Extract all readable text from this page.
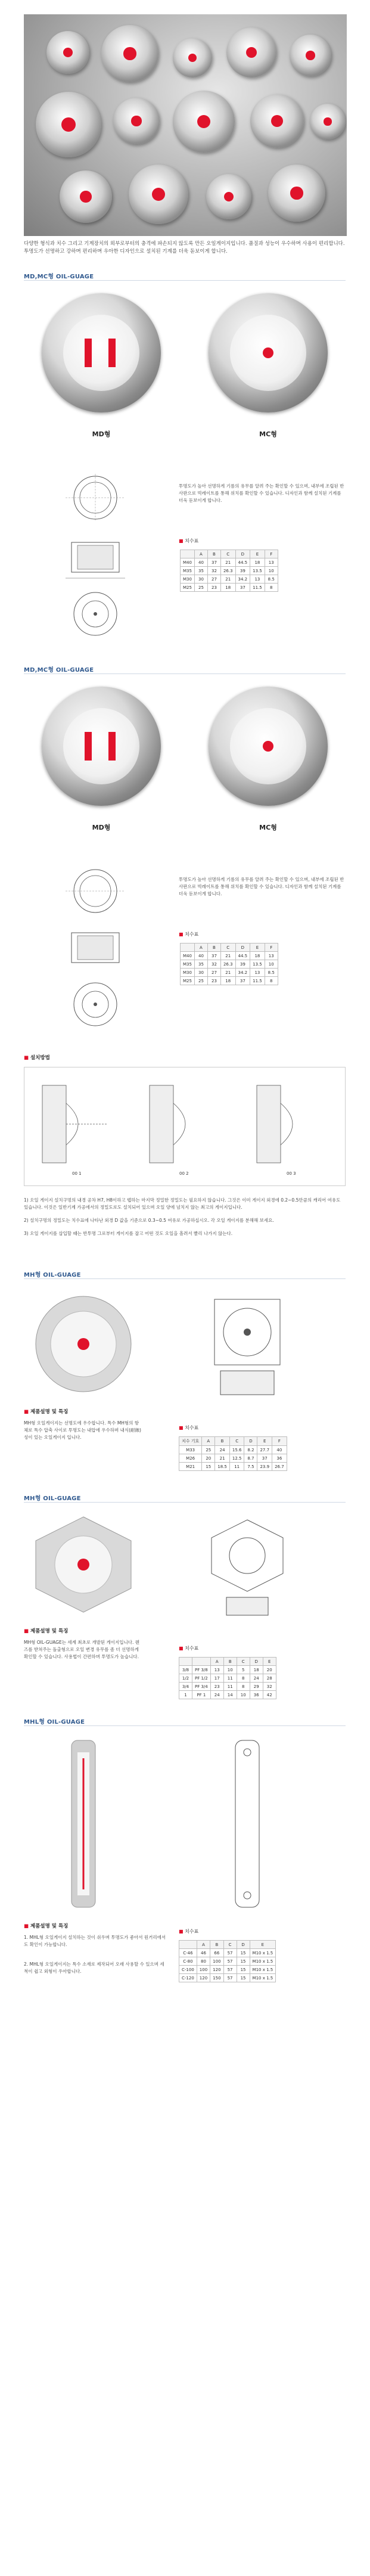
다양한 형식과 치수 그리고 기계장치의 외부로부터의 충격에 파손되지 않도록 만든 오일게이지입니다. 품질과 성능이 우수하며 사용이 편리합니다.
투명도가 선명하고 강하며 편리하며 우아한 디자인으로 설치된 기계를 더욱 돋보이게 합니다.
MD,MC형 OIL-GUAGE
MD형	MC형
투명도가 높아 선명하게 기름의 유무를 알려 주는 확인할 수 있으며, 내부에 조립된 반사판으로 빅레이트를 통해 위치를 확인할 수 있습니다. 디자인과 함께 설치된 기계를 더욱 돋보이게 합니다.
■ 치수표
	A	B	C	D	E	F
M40	40	37	21	44.5	18	13
M35	35	32	26.3	39	13.5	10
M30	30	27	21	34.2	13	8.5
M25	25	23	18	37	11.5	8
MD,MC형 OIL-GUAGE
MD형	MC형
투명도가 높아 선명하게 기름의 유무를 알려 주는 확인할 수 있으며, 내부에 조립된 반사판으로 빅레이트를 통해 위치를 확인할 수 있습니다. 디자인과 함께 설치된 기계를 더욱 돋보이게 합니다.
■ 치수표
	A	B	C	D	E	F
M40	40	37	21	44.5	18	13
M35	35	32	26.3	39	13.5	10
M30	30	27	21	34.2	13	8.5
M25	25	23	18	37	11.5	8
■ 설치방법
00 1	00 2	00 3

1) 오일 게이지 설치구멍의 내경 공차 H7, H8이하고 탭하는 마지막 정밀한 정밀도는 필요하지 않습니다. 그것은 이미 게이지 외경에 0.2~0.5만큼의 캐리어 여유도 있습니다. 이것은 일반기계 가공에서의 정밀도로도 설치되어 있으며 오일 양에 넘치지 않는 최고의 게이지입니다.

2) 설치구멍의 정밀도는 치수표에 나타난 외경 D 값을 기준으로 0.3~0.5 여유로 가공하십시오. 각 오일 게이지를 분해해 보세요.

3) 오일 게이지를 삽입할 때는 반투명 그로부터 게이지를 잡고 어떤 것도 오일을 흘려서 빨리 나가지 않는다.

MH형 OIL-GUAGE
■ 제품설명 및 특징
MH형 오일게이지는 선명도에 우수합니다. 특수 MH형의 항체로 특수 압축 사이로 투명도는 내압에 우수하며 내식(耐蝕)성이 있는 오일게이지 입니다.
■ 치수표
치수 기호	A	B	C	D	E	F
M33	25	24	15.6	8.2	27.7	40
M26	20	21	12.5	8.7	37	36
M21	15	18.5	11	7.5	23.9	26.7
MH형 OIL-GUAGE
■ 제품설명 및 특징
MH형 OIL-GUAGE는 세계 최초로 개발된 게이지입니다. 렌즈를 받쳐주는 돌출형으로 오일 변경 유무를 좀 더 선명하게 확인할 수 있습니다. 사용법이 간편하며 투명도가 높습니다.
■ 치수표
		A	B	C	D	E
3/8	PF 3/8	13	10	5	18	20
1/2	PF 1/2	17	11	8	24	28
3/4	PF 3/4	23	11	8	29	32
1	PF 1	24	14	10	36	42
MHL형 OIL-GUAGE
■ 제품설명 및 특징
1. MHL형 오일게이지 설치하는 것이 쉬우며 투명도가 좋아서 원거리에서도 확인이 가능합니다.
2. MHL형 오일게이지는 특수 소재로 제작되어 오래 사용할 수 있으며 세척이 쉽고 외형이 우아합니다.
■ 치수표
	A	B	C	D	E
C-46	46	66	57	15	M10 x 1.5
C-80	80	100	57	15	M10 x 1.5
C-100	100	120	57	15	M10 x 1.5
C-120	120	150	57	15	M10 x 1.5
